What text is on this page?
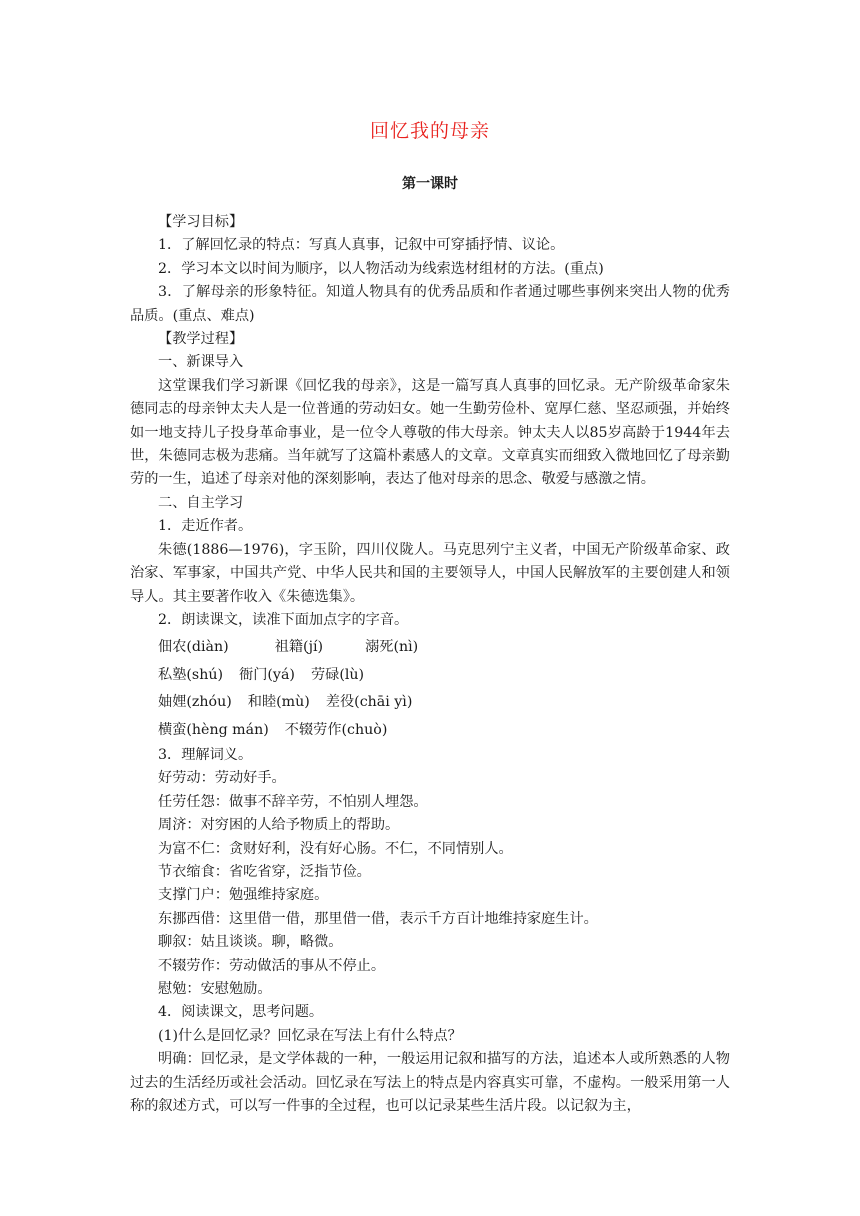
回忆我的母亲
第一课时

【学习目标】

1．了解回忆录的特点：写真人真事，记叙中可穿插抒情、议论。

2．学习本文以时间为顺序，以人物活动为线索选材组材的方法。(重点)

3．了解母亲的形象特征。知道人物具有的优秀品质和作者通过哪些事例来突出人物的优秀品质。(重点、难点)

【教学过程】

一、新课导入

这堂课我们学习新课《回忆我的母亲》，这是一篇写真人真事的回忆录。无产阶级革命家朱德同志的母亲钟太夫人是一位普通的劳动妇女。她一生勤劳俭朴、宽厚仁慈、坚忍顽强，并始终如一地支持儿子投身革命事业，是一位令人尊敬的伟大母亲。钟太夫人以85岁高龄于1944年去世，朱德同志极为悲痛。当年就写了这篇朴素感人的文章。文章真实而细致入微地回忆了母亲勤劳的一生，追述了母亲对他的深刻影响，表达了他对母亲的思念、敬爱与感激之情。

二、自主学习

1．走近作者。

朱德(1886—1976)，字玉阶，四川仪陇人。马克思列宁主义者，中国无产阶级革命家、政治家、军事家，中国共产党、中华人民共和国的主要领导人，中国人民解放军的主要创建人和领导人。其主要著作收入《朱德选集》。

2．朗读课文，读准下面加点字的字音。

佃农(diàn)	祖籍(jí)	溺死(nì)

私塾(shú) 衙门(yá) 劳碌(lù)

妯娌(zhóu) 和睦(mù) 差役(chāi yì)

横蛮(hèng mán) 不辍劳作(chuò)

3．理解词义。

好劳动：劳动好手。

任劳任怨：做事不辞辛劳，不怕别人埋怨。

周济：对穷困的人给予物质上的帮助。

为富不仁：贪财好利，没有好心肠。不仁，不同情别人。

节衣缩食：省吃省穿，泛指节俭。

支撑门户：勉强维持家庭。

东挪西借：这里借一借，那里借一借，表示千方百计地维持家庭生计。

聊叙：姑且谈谈。聊，略微。

不辍劳作：劳动做活的事从不停止。

慰勉：安慰勉励。

4．阅读课文，思考问题。

(1)什么是回忆录？回忆录在写法上有什么特点？

明确：回忆录，是文学体裁的一种，一般运用记叙和描写的方法，追述本人或所熟悉的人物过去的生活经历或社会活动。回忆录在写法上的特点是内容真实可靠，不虚构。一般采用第一人称的叙述方式，可以写一件事的全过程，也可以记录某些生活片段。以记叙为主，
